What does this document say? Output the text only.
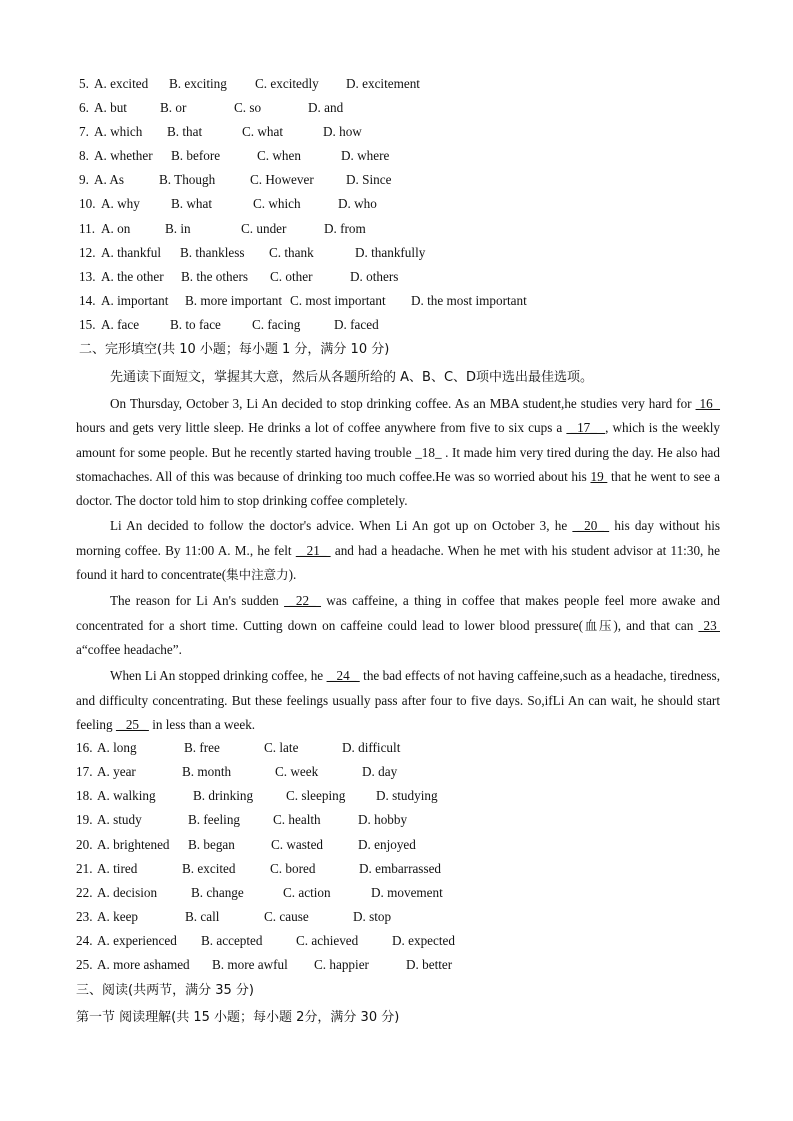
5. A. excited B. exciting C. excitedly D. excitement
6. A. but	B. or	C. so	D. and
7. A. which B. that	C. what	D. how
8. A. whether B. before	C. when	D. where
9. A. As	B. Though	C. However D. Since
10. A. why B. what	C. which	D. who
11. A. on	B. in	C. under	D. from
12. A. thankful B. thankless C. thank	D. thankfully
13. A. the other B. the others C. other	D. others
14. A. important B. more important C. most important D. the most important
15. A. face B. to face C. facing	D. faced
二、完形填空(共 10 小题；每小题 1 分，满分 10 分)
先通读下面短文，掌握其大意，然后从各题所给的 A、B、C、D项中选出最佳选项。

On Thursday, October 3, Li An decided to stop drinking coffee. As an MBA student,he studies very hard for  16   hours and gets very little sleep. He drinks a lot of coffee anywhere from five to six cups a  _17_  , which is the weekly amount for some people. But he recently started having trouble _18_ . It made him very tired during the day. He also had stomachaches. All of this was because of drinking too much coffee.He was so worried about his 19  that he went to see a doctor. The doctor told him to stop drinking coffee completely.

Li An decided to follow the doctor's advice. When Li An got up on October 3, he  _20_  his day without his morning coffee. By 11:00 A. M., he felt  _21_  and had a headache. When he met with his student advisor at 11:30, he found it hard to concentrate(集中注意力).

The reason for Li An's sudden  _22_  was caffeine, a thing in coffee that makes people feel more awake and concentrated for a short time. Cutting down on caffeine could lead to lower blood pressure(血压), and that can  23  a“coffee headache”.

When Li An stopped drinking coffee, he  _24_  the bad effects of not having caffeine,such as a headache, tiredness, and difficulty concentrating. But these feelings usually pass after four to five days. So,ifLi An can wait, he should start feeling  _25_  in less than a week.

16. A. long	B. free	C. late	D. difficult
17. A. year	B. month	C. week	D. day
18. A. walking	B. drinking C. sleeping D. studying
19. A. study	B. feeling C. health	D. hobby
20. A. brightened B. began	C. wasted	D. enjoyed
21. A. tired	B. excited	C. bored	D. embarrassed
22. A. decision	B. change	C. action	D. movement
23. A. keep	B. call	C. cause	D. stop
24. A. experienced B. accepted	C. achieved	D. expected
25. A. more ashamed B. more awful C. happier	D. better
三、阅读(共两节，满分 35 分)
第一节 阅读理解(共 15 小题；每小题 2分，满分 30 分)
